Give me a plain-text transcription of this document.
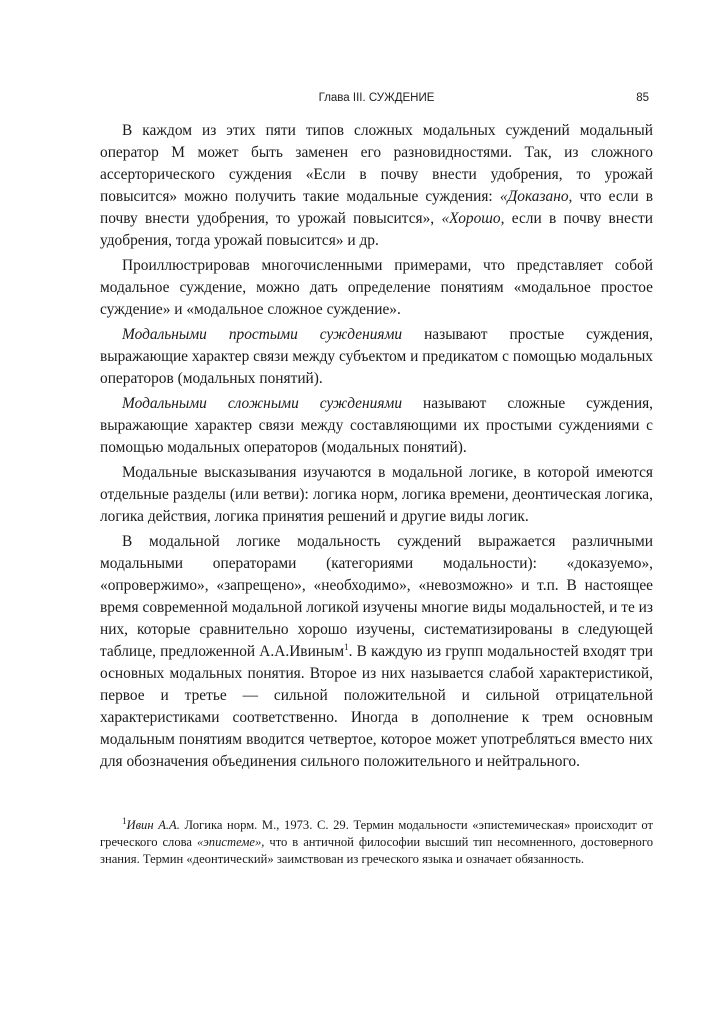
Глава III. СУЖДЕНИЕ	85

В каждом из этих пяти типов сложных модальных суждений модальный оператор М может быть заменен его разновидностями. Так, из сложного ассерторического суждения «Если в почву внести удобрения, то урожай повысится» можно получить такие модальные суждения: «Доказано, что если в почву внести удобрения, то урожай повысится», «Хорошо, если в почву внести удобрения, тогда урожай повысится» и др.

Проиллюстрировав многочисленными примерами, что представляет собой модальное суждение, можно дать определение понятиям «модальное простое суждение» и «модальное сложное суждение».

Модальными простыми суждениями называют простые суждения, выражающие характер связи между субъектом и предикатом с помощью модальных операторов (модальных понятий).

Модальными сложными суждениями называют сложные суждения, выражающие характер связи между составляющими их простыми суждениями с помощью модальных операторов (модальных понятий).

Модальные высказывания изучаются в модальной логике, в которой имеются отдельные разделы (или ветви): логика норм, логика времени, деонтическая логика, логика действия, логика принятия решений и другие виды логик.

В модальной логике модальность суждений выражается различными модальными операторами (категориями модальности): «доказуемо», «опровержимо», «запрещено», «необходимо», «невозможно» и т.п. В настоящее время современной модальной логикой изучены многие виды модальностей, и те из них, которые сравнительно хорошо изучены, систематизированы в следующей таблице, предложенной А.А.Ивиным$^1$. В каждую из групп модальностей входят три основных модальных понятия. Второе из них называется слабой характеристикой, первое и третье — сильной положительной и сильной отрицательной характеристиками соответственно. Иногда в дополнение к трем основным модальным понятиям вводится четвертое, которое может употребляться вместо них для обозначения объединения сильного положительного и нейтрального.

$^1$Ивин А.А. Логика норм. М., 1973. С. 29. Термин модальности «эпистемическая» происходит от греческого слова «эпистеме», что в античной философии высший тип несомненного, достоверного знания. Термин «деонтический» заимствован из греческого языка и означает обязанность.
